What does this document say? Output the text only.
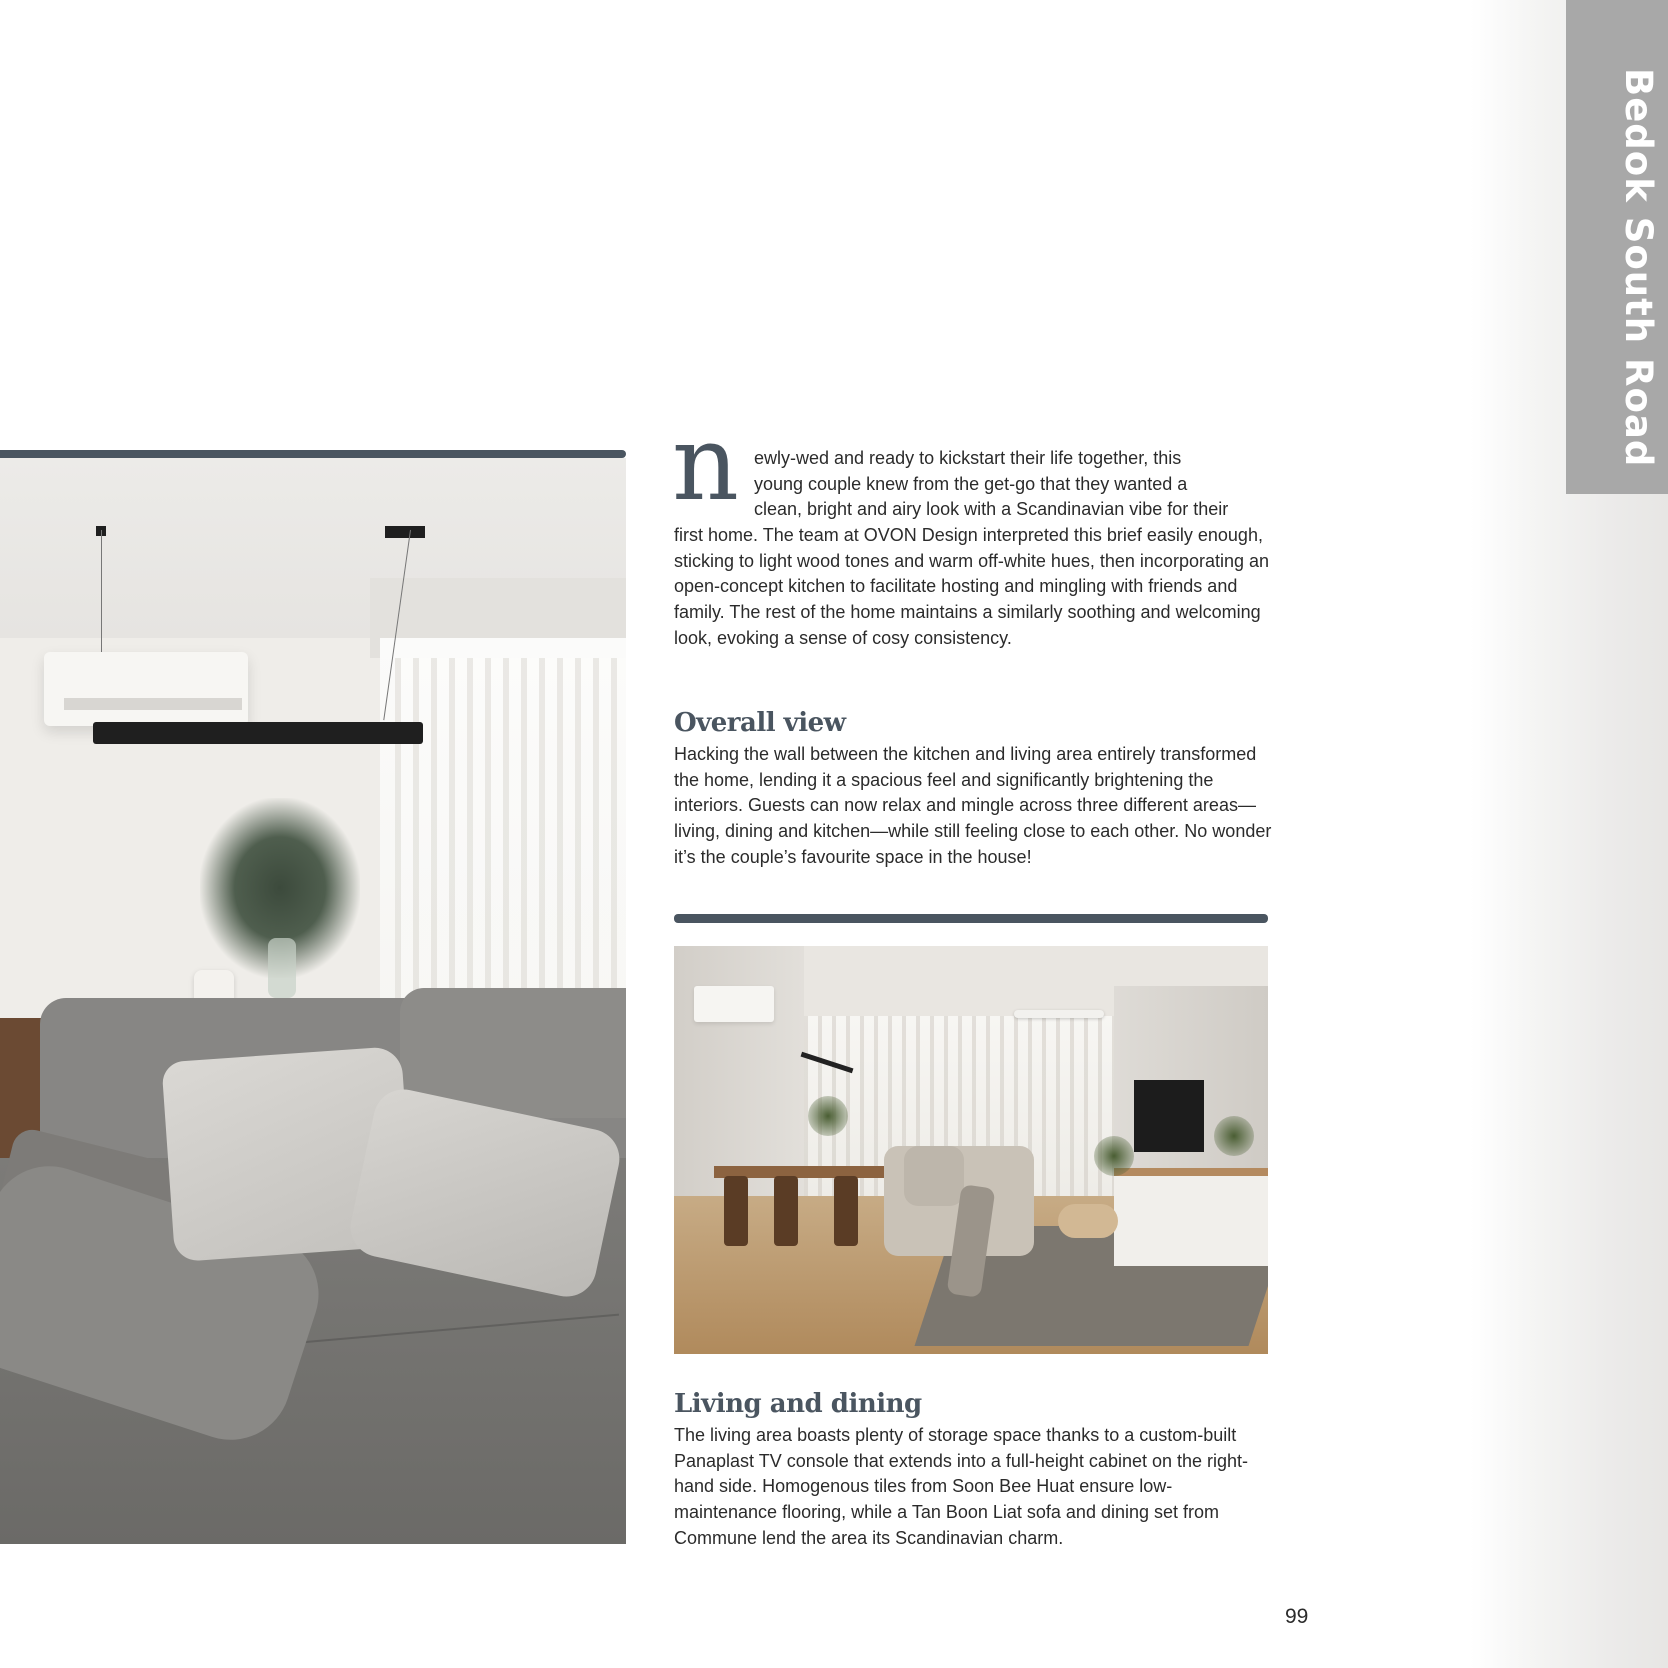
Bedok South Road
n ewly-wed and ready to kickstart their life together, this
young couple knew from the get-go that they wanted a
clean, bright and airy look with a Scandinavian vibe for their

first home. The team at OVON Design interpreted this brief easily enough, sticking to light wood tones and warm off-white hues, then incorporating an open-concept kitchen to facilitate hosting and mingling with friends and family. The rest of the home maintains a similarly soothing and welcoming look, evoking a sense of cosy consistency.

Overall view

Hacking the wall between the kitchen and living area entirely transformed the home, lending it a spacious feel and significantly brightening the interiors. Guests can now relax and mingle across three different areas—living, dining and kitchen—while still feeling close to each other. No wonder it’s the couple’s favourite space in the house!

Living and dining

The living area boasts plenty of storage space thanks to a custom-built Panaplast TV console that extends into a full-height cabinet on the right-hand side. Homogenous tiles from Soon Bee Huat ensure low-maintenance flooring, while a Tan Boon Liat sofa and dining set from Commune lend the area its Scandinavian charm.

99
